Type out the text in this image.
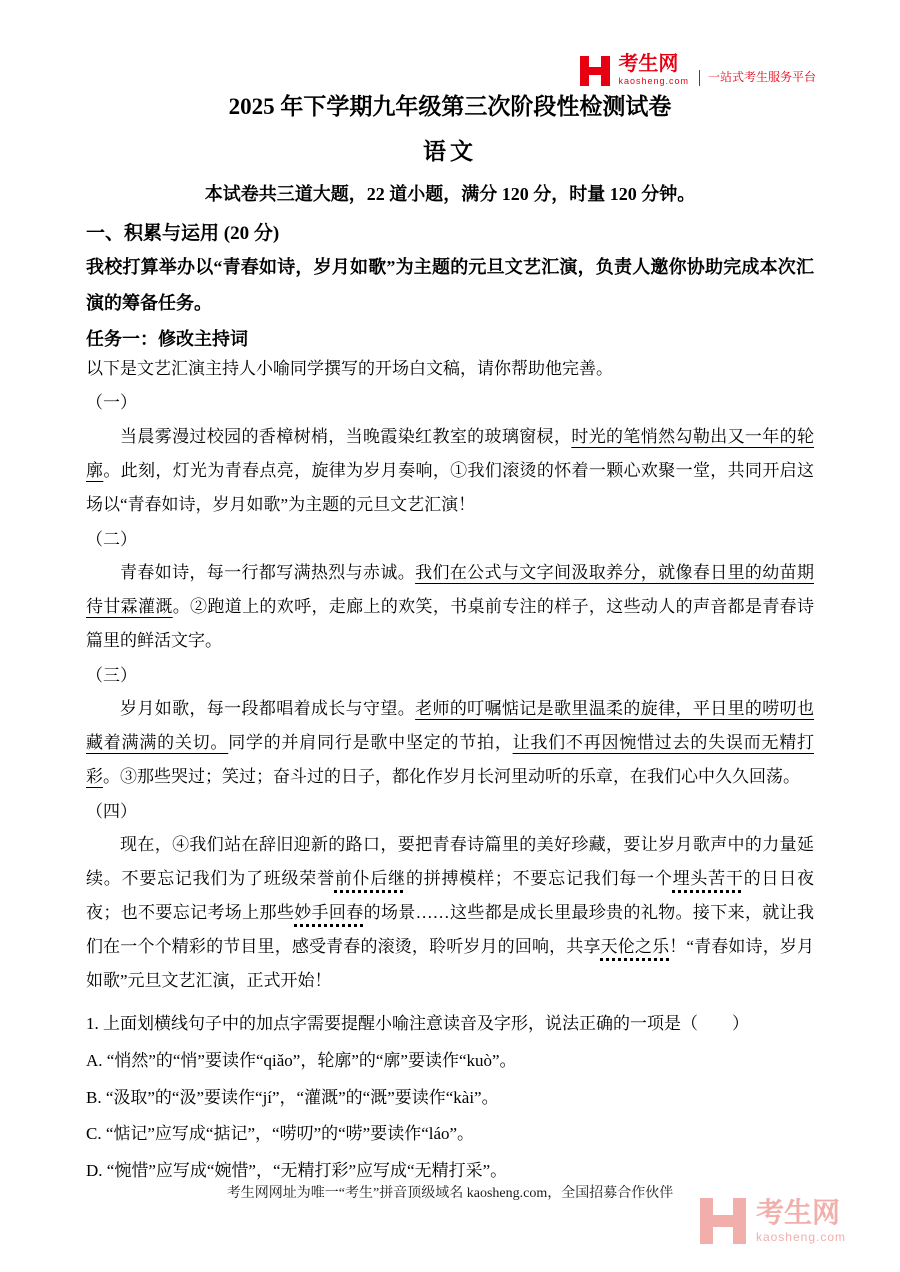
考生网
kaosheng.com	一站式考生服务平台
2025 年下学期九年级第三次阶段性检测试卷
语文
本试卷共三道大题，22 道小题，满分 120 分，时量 120 分钟。
一、积累与运用 (20 分)

我校打算举办以“青春如诗，岁月如歌”为主题的元旦文艺汇演，负责人邀你协助完成本次汇演的筹备任务。

任务一：修改主持词
以下是文艺汇演主持人小喻同学撰写的开场白文稿，请你帮助他完善。
（一）

当晨雾漫过校园的香樟树梢，当晚霞染红教室的玻璃窗棂，时光的笔悄然勾勒出又一年的轮廓。此刻，灯光为青春点亮，旋律为岁月奏响，①我们滚烫的怀着一颗心欢聚一堂，共同开启这场以“青春如诗，岁月如歌”为主题的元旦文艺汇演！

（二）

青春如诗，每一行都写满热烈与赤诚。我们在公式与文字间汲取养分，就像春日里的幼苗期待甘霖灌溉。②跑道上的欢呼，走廊上的欢笑，书桌前专注的样子，这些动人的声音都是青春诗篇里的鲜活文字。

（三）

岁月如歌，每一段都唱着成长与守望。老师的叮嘱惦记是歌里温柔的旋律，平日里的唠叨也藏着满满的关切。同学的并肩同行是歌中坚定的节拍，让我们不再因惋惜过去的失误而无精打彩。③那些哭过；笑过；奋斗过的日子，都化作岁月长河里动听的乐章，在我们心中久久回荡。

（四）

现在，④我们站在辞旧迎新的路口，要把青春诗篇里的美好珍藏，要让岁月歌声中的力量延续。不要忘记我们为了班级荣誉前仆后继的拼搏模样；不要忘记我们每一个埋头苦干的日日夜夜；也不要忘记考场上那些妙手回春的场景……这些都是成长里最珍贵的礼物。接下来，就让我们在一个个精彩的节目里，感受青春的滚烫，聆听岁月的回响，共享天伦之乐！“青春如诗，岁月如歌”元旦文艺汇演，正式开始！

1. 上面划横线句子中的加点字需要提醒小喻注意读音及字形，说法正确的一项是（　　）
A. “悄然”的“悄”要读作“qiǎo”，轮廓”的“廓”要读作“kuò”。
B. “汲取”的“汲”要读作“jí”，“灌溉”的“溉”要读作“kài”。
C. “惦记”应写成“掂记”，“唠叨”的“唠”要读作“láo”。
D. “惋惜”应写成“婉惜”，“无精打彩”应写成“无精打采”。
考生网网址为唯一“考生”拼音顶级域名 kaosheng.com，全国招募合作伙伴
考生网
kaosheng.com
